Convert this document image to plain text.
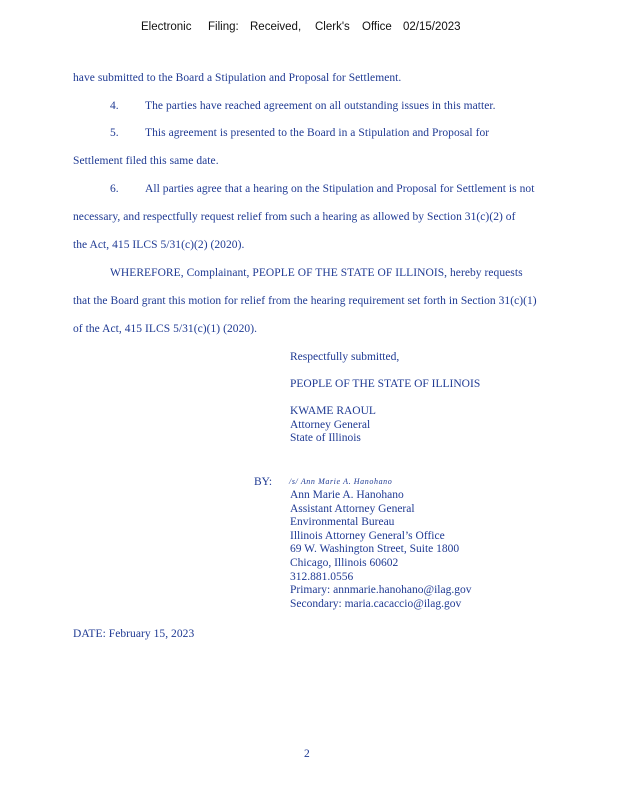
Electronic

Filing:

Received,

Clerk's

Office

02/15/2023

have submitted to the Board a Stipulation and Proposal for Settlement.
4. The parties have reached agreement on all outstanding issues in this matter.
5. This agreement is presented to the Board in a Stipulation and Proposal for
Settlement filed this same date.
6. All parties agree that a hearing on the Stipulation and Proposal for Settlement is not
necessary, and respectfully request relief from such a hearing as allowed by Section 31(c)(2) of
the Act, 415 ILCS 5/31(c)(2) (2020).
WHEREFORE, Complainant, PEOPLE OF THE STATE OF ILLINOIS, hereby requests
that the Board grant this motion for relief from the hearing requirement set forth in Section 31(c)(1)
of the Act, 415 ILCS 5/31(c)(1) (2020).
Respectfully submitted,
PEOPLE OF THE STATE OF ILLINOIS
KWAME RAOUL
Attorney General
State of Illinois
BY: /s/ Ann Marie A. Hanohano
Ann Marie A. Hanohano
Assistant Attorney General
Environmental Bureau
Illinois Attorney General’s Office
69 W. Washington Street, Suite 1800
Chicago, Illinois 60602
312.881.0556
Primary: annmarie.hanohano@ilag.gov
Secondary: maria.cacaccio@ilag.gov
DATE: February 15, 2023
2
